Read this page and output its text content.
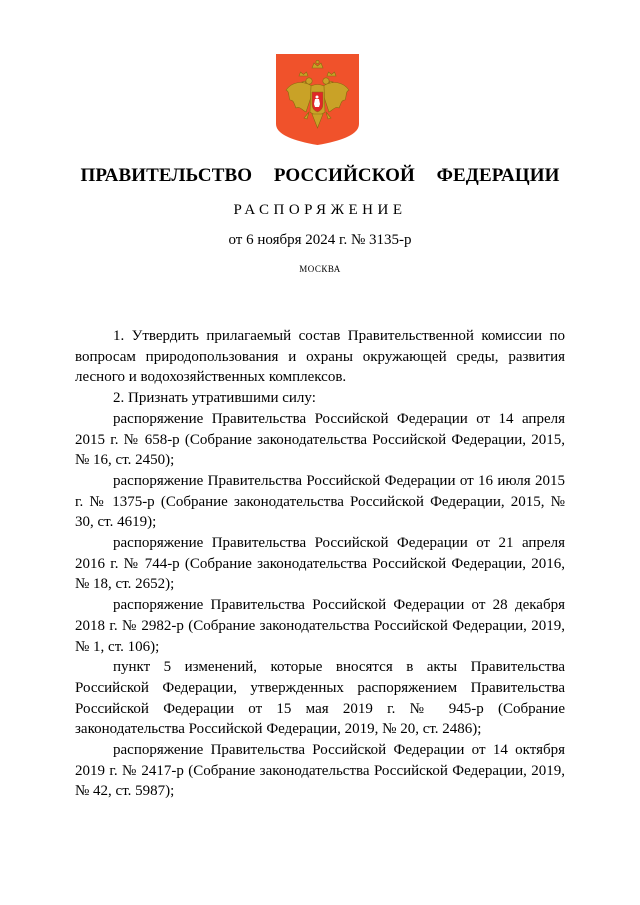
ПРАВИТЕЛЬСТВО  РОССИЙСКОЙ  ФЕДЕРАЦИИ
РАСПОРЯЖЕНИЕ
от 6 ноября 2024 г. № 3135-р
МОСКВА

1. Утвердить прилагаемый состав Правительственной комиссии по вопросам природопользования и охраны окружающей среды, развития лесного и водохозяйственных комплексов.

2. Признать утратившими силу:

распоряжение Правительства Российской Федерации от 14 апреля 2015 г. № 658-р (Собрание законодательства Российской Федерации, 2015, № 16, ст. 2450);

распоряжение Правительства Российской Федерации от 16 июля 2015 г. № 1375-р (Собрание законодательства Российской Федерации, 2015, № 30, ст. 4619);

распоряжение Правительства Российской Федерации от 21 апреля 2016 г. № 744-р (Собрание законодательства Российской Федерации, 2016, № 18, ст. 2652);

распоряжение Правительства Российской Федерации от 28 декабря 2018 г. № 2982-р (Собрание законодательства Российской Федерации, 2019, № 1, ст. 106);

пункт 5 изменений, которые вносятся в акты Правительства Российской Федерации, утвержденных распоряжением Правительства Российской Федерации от 15 мая 2019 г. № 945-р (Собрание законодательства Российской Федерации, 2019, № 20, ст. 2486);

распоряжение Правительства Российской Федерации от 14 октября 2019 г. № 2417-р (Собрание законодательства Российской Федерации, 2019, № 42, ст. 5987);
